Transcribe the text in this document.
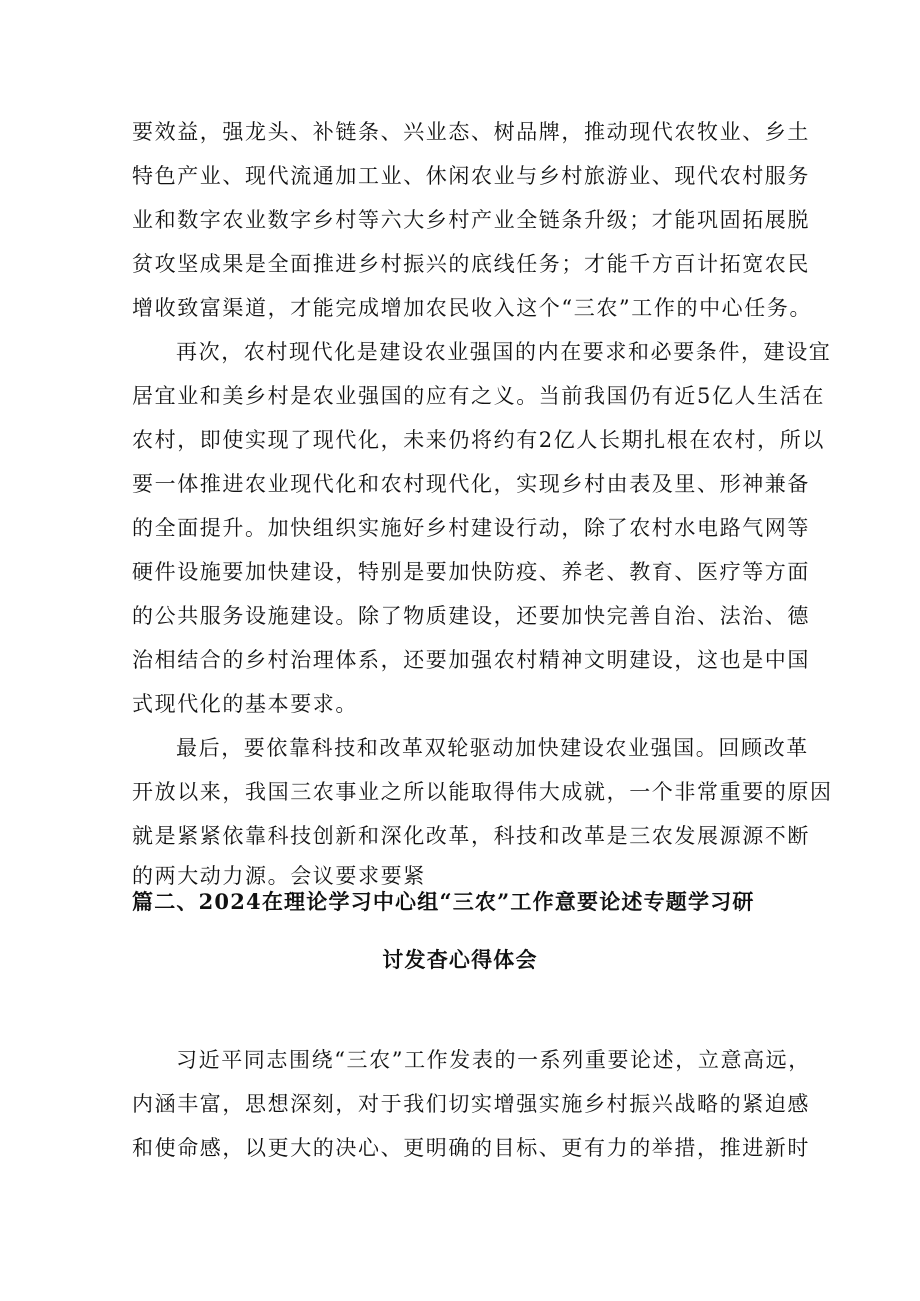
要效益，强龙头、补链条、兴业态、树品牌，推动现代农牧业、乡土
特色产业、现代流通加工业、休闲农业与乡村旅游业、现代农村服务
业和数字农业数字乡村等六大乡村产业全链条升级；才能巩固拓展脱
贫攻坚成果是全面推进乡村振兴的底线任务；才能千方百计拓宽农民
增收致富渠道，才能完成增加农民收入这个“三农”工作的中心任务。
再次，农村现代化是建设农业强国的内在要求和必要条件，建设宜
居宜业和美乡村是农业强国的应有之义。当前我国仍有近5亿人生活在
农村，即使实现了现代化，未来仍将约有2亿人长期扎根在农村，所以
要一体推进农业现代化和农村现代化，实现乡村由表及里、形神兼备
的全面提升。加快组织实施好乡村建设行动，除了农村水电路气网等
硬件设施要加快建设，特别是要加快防疫、养老、教育、医疗等方面
的公共服务设施建设。除了物质建设，还要加快完善自治、法治、德
治相结合的乡村治理体系，还要加强农村精神文明建设，这也是中国
式现代化的基本要求。
最后，要依靠科技和改革双轮驱动加快建设农业强国。回顾改革
开放以来，我国三农事业之所以能取得伟大成就，一个非常重要的原因
就是紧紧依靠科技创新和深化改革，科技和改革是三农发展源源不断
的两大动力源。会议要求要紧
篇二、2024在理论学习中心组“三农”工作意要论述专题学习研
讨发杳心得体会
习近平同志围绕“三农”工作发表的一系列重要论述，立意高远，
内涵丰富，思想深刻，对于我们切实增强实施乡村振兴战略的紧迫感
和使命感，以更大的决心、更明确的目标、更有力的举措，推进新时
